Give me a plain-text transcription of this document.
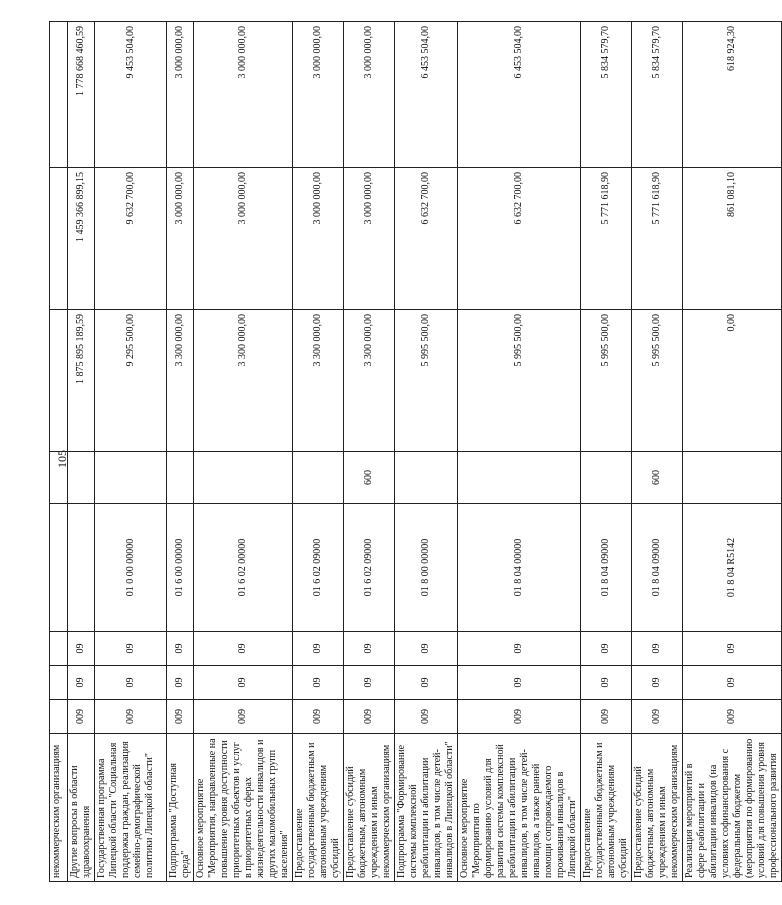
105
некоммерческим организациям								
Другие вопросы в области здравоохранения	009	09	09			1 875 895 189,59	1 459 366 899,15	1 778 668 460,59
Государственная программа Липецкой области "Социальная поддержка граждан, реализация семейно-демографической политики Липецкой области"	009	09	09	01 0 00 00000		9 295 500,00	9 632 700,00	9 453 504,00
Подпрограмма "Доступная среда"	009	09	09	01 6 00 00000		3 300 000,00	3 000 000,00	3 000 000,00
Основное мероприятие "Мероприятия, направленные на повышение уровня доступности приоритетных объектов и услуг в приоритетных сферах жизнедеятельности инвалидов и других маломобильных групп населения"	009	09	09	01 6 02 00000		3 300 000,00	3 000 000,00	3 000 000,00
Предоставление государственным бюджетным и автономным учреждениям субсидий	009	09	09	01 6 02 09000		3 300 000,00	3 000 000,00	3 000 000,00
Предоставление субсидий бюджетным, автономным учреждениям и иным некоммерческим организациям	009	09	09	01 6 02 09000	600	3 300 000,00	3 000 000,00	3 000 000,00
Подпрограмма "Формирование системы комплексной реабилитации и абилитации инвалидов, в том числе детей-инвалидов в Липецкой области"	009	09	09	01 8 00 00000		5 995 500,00	6 632 700,00	6 453 504,00
Основное мероприятие "Мероприятия по формированию условий для развития системы комплексной реабилитации и абилитации инвалидов, в том числе детей-инвалидов, а также ранней помощи сопровождаемого проживания инвалидов в Липецкой области"	009	09	09	01 8 04 00000		5 995 500,00	6 632 700,00	6 453 504,00
Предоставление государственным бюджетным и автономным учреждениям субсидий	009	09	09	01 8 04 09000		5 995 500,00	5 771 618,90	5 834 579,70
Предоставление субсидий бюджетным, автономным учреждениям и иным некоммерческим организациям	009	09	09	01 8 04 09000	600	5 995 500,00	5 771 618,90	5 834 579,70
Реализация мероприятий в сфере реабилитации и абилитации инвалидов (на условиях софинансирования с федеральным бюджетом (мероприятия по формированию условий для повышения уровня профессионального развития	009	09	09	01 8 04 R5142		0,00	861 081,10	618 924,30
